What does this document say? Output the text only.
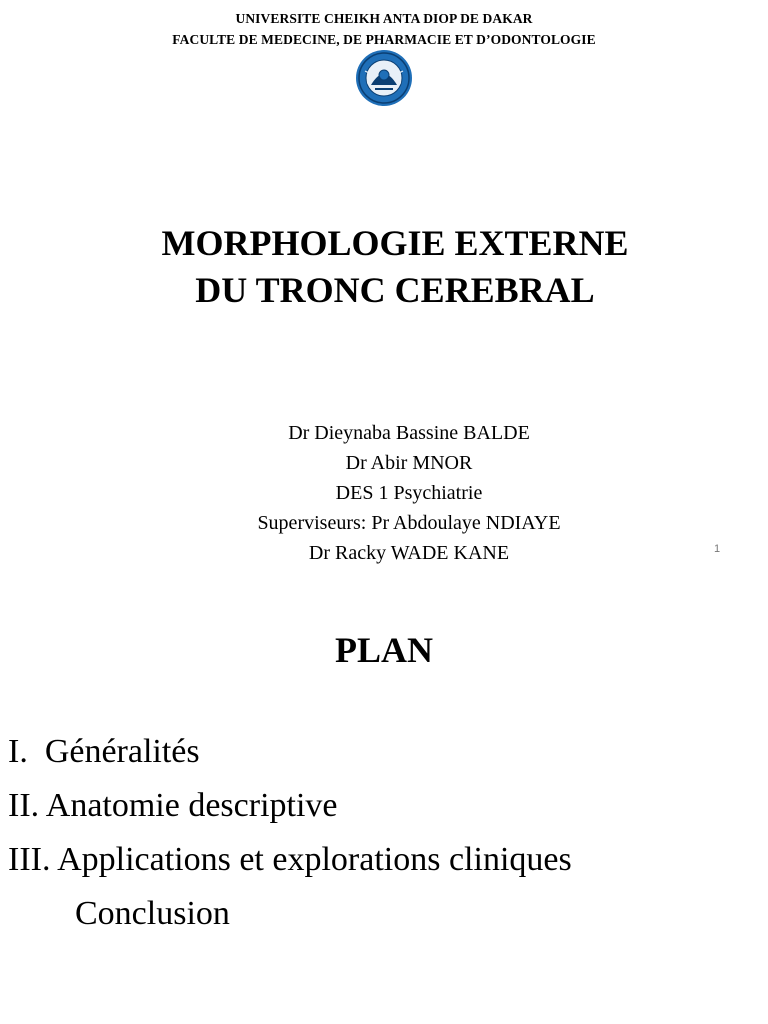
UNIVERSITE CHEIKH ANTA DIOP DE DAKAR
FACULTE DE MEDECINE, DE PHARMACIE ET D’ODONTOLOGIE
MORPHOLOGIE EXTERNE
DU TRONC CEREBRAL
Dr Dieynaba Bassine BALDE
Dr Abir MNOR
DES 1 Psychiatrie
Superviseurs: Pr Abdoulaye NDIAYE
Dr Racky WADE KANE	1
PLAN
I.  Généralités
II. Anatomie descriptive
III. Applications et explorations cliniques
Conclusion
